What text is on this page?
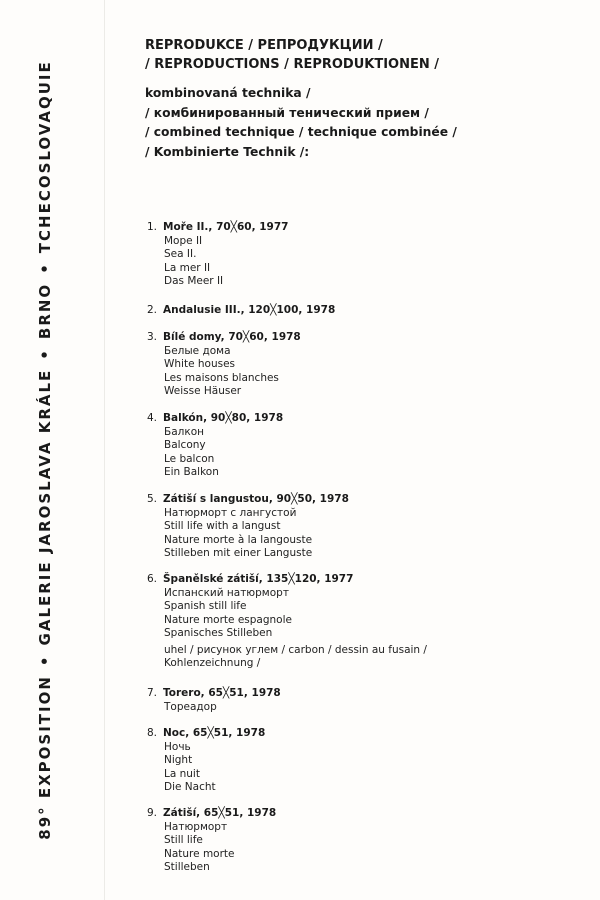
89° EXPOSITION•GALERIE JAROSLAVA KRÁLE•BRNO•TCHECOSLOVAQUIE
REPRODUKCE / РЕПРОДУКЦИИ /
/ REPRODUCTIONS / REPRODUKTIONEN /
kombinovaná technika /
/ комбинированный тенический прием /
/ combined technique / technique combinée /
/ Kombinierte Technik /:
1. Moře II., 70╳60, 1977
Море II
Sea II.
La mer II
Das Meer II
2. Andalusie III., 120╳100, 1978
3. Bílé domy, 70╳60, 1978
Белые дома
White houses
Les maisons blanches
Weisse Häuser
4. Balkón, 90╳80, 1978
Балкон
Balcony
Le balcon
Ein Balkon
5. Zátiší s langustou, 90╳50, 1978
Натюрморт с лангустой
Still life with a langust
Nature morte à la langouste
Stilleben mit einer Languste
6. Španělské zátiší, 135╳120, 1977
Испанский натюрморт
Spanish still life
Nature morte espagnole
Spanisches Stilleben
uhel / рисунок углем / carbon / dessin au fusain / Kohlenzeichnung /
7. Torero, 65╳51, 1978
Тореадор
8. Noc, 65╳51, 1978
Ночь
Night
La nuit
Die Nacht
9. Zátiší, 65╳51, 1978
Натюрморт
Still life
Nature morte
Stilleben
